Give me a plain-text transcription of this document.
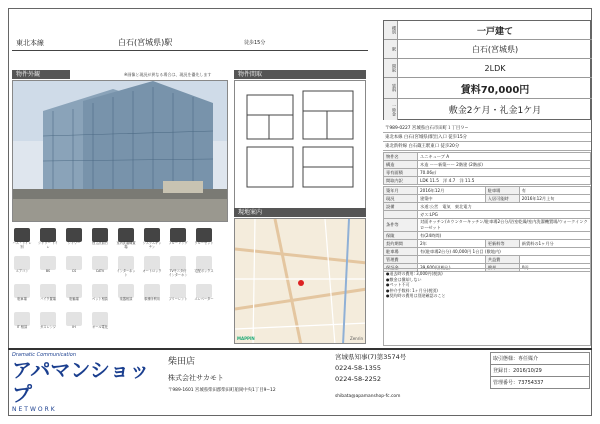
東北本線	白石(宮城県)駅	徒歩15分
物件外観	※画像と現況が異なる場合は、現況を優先します	物件間取
バス・トイレ別
シャワー トイレ
シャワー	独立洗面台	室内洗濯機置場
システムキッチン
フローリング クローゼット
エアコン	BS	CS	CATV	インターネット
オートロック	TVモニタ付インターホン
宅配ボックス
駐車場	バイク置場	駐輪場	ペット相談	楽器相談	事務所利用	フリーレント エレベーター
IT 相談	ガスレンジ	IH	オール電化
現地案内
MAPPIN	Zenrin
種別	一戸建て
駅	白石(宮城県)
間取	2LDK
賃料	賃料70,000円
一時金	敷金2ケ月・礼金1ケ月
〒989-0227 宮城県白石市田町１丁目９−
東北本線 白石(宮城県)駅出入口 徒歩15分
東北新幹線 白石蔵王駅東口 徒歩20分
物件名	ユニキューブ A
構造	木造 ーー新築ーー 2階建 (2階部)
専有面積	70.06㎡
間取内訳	LDK 11.5　洋 4.7　洋 11.5
築年月	2016年12月	駐車場	有
現況	建築中	入居可能時	2016年12月上旬
設備	水道:公営　電気　東北電力		
	ガス:LPG		
条件等	対面キッチン/カウンターキッチン/駐車場2台分/浴室乾燥/室内洗濯機置場/ウォークインクローゼット		
保険	有(24時間)		
契約期間	2年	更新料等	新賃料の1ヶ月分
駐車場	有(駐車場2台分) 40,000円 1台目 (敷地内)		
管理費		共益費	
保証金	39,600円(税込)	償却	0円
●退去時の費用: 3,000円(税抜)
●敷金は償却しない
●ペット不可
●仲介手数料: 1ヶ月分(税別)
●契約時の費用は別途確認のこと
Dramatic Communication
アパマンショップ
NETWORK
柴田店
株式会社サカモト
〒989-1601 宮城県柴田郡柴田町船岡中央1丁目9−12
宮城県知事(7)第3574号
0224-58-1355
0224-58-2252
shibata@apamanshop-fc.com
取引態様：専任媒介
登録日：2016/10/29
管理番号：73754337
